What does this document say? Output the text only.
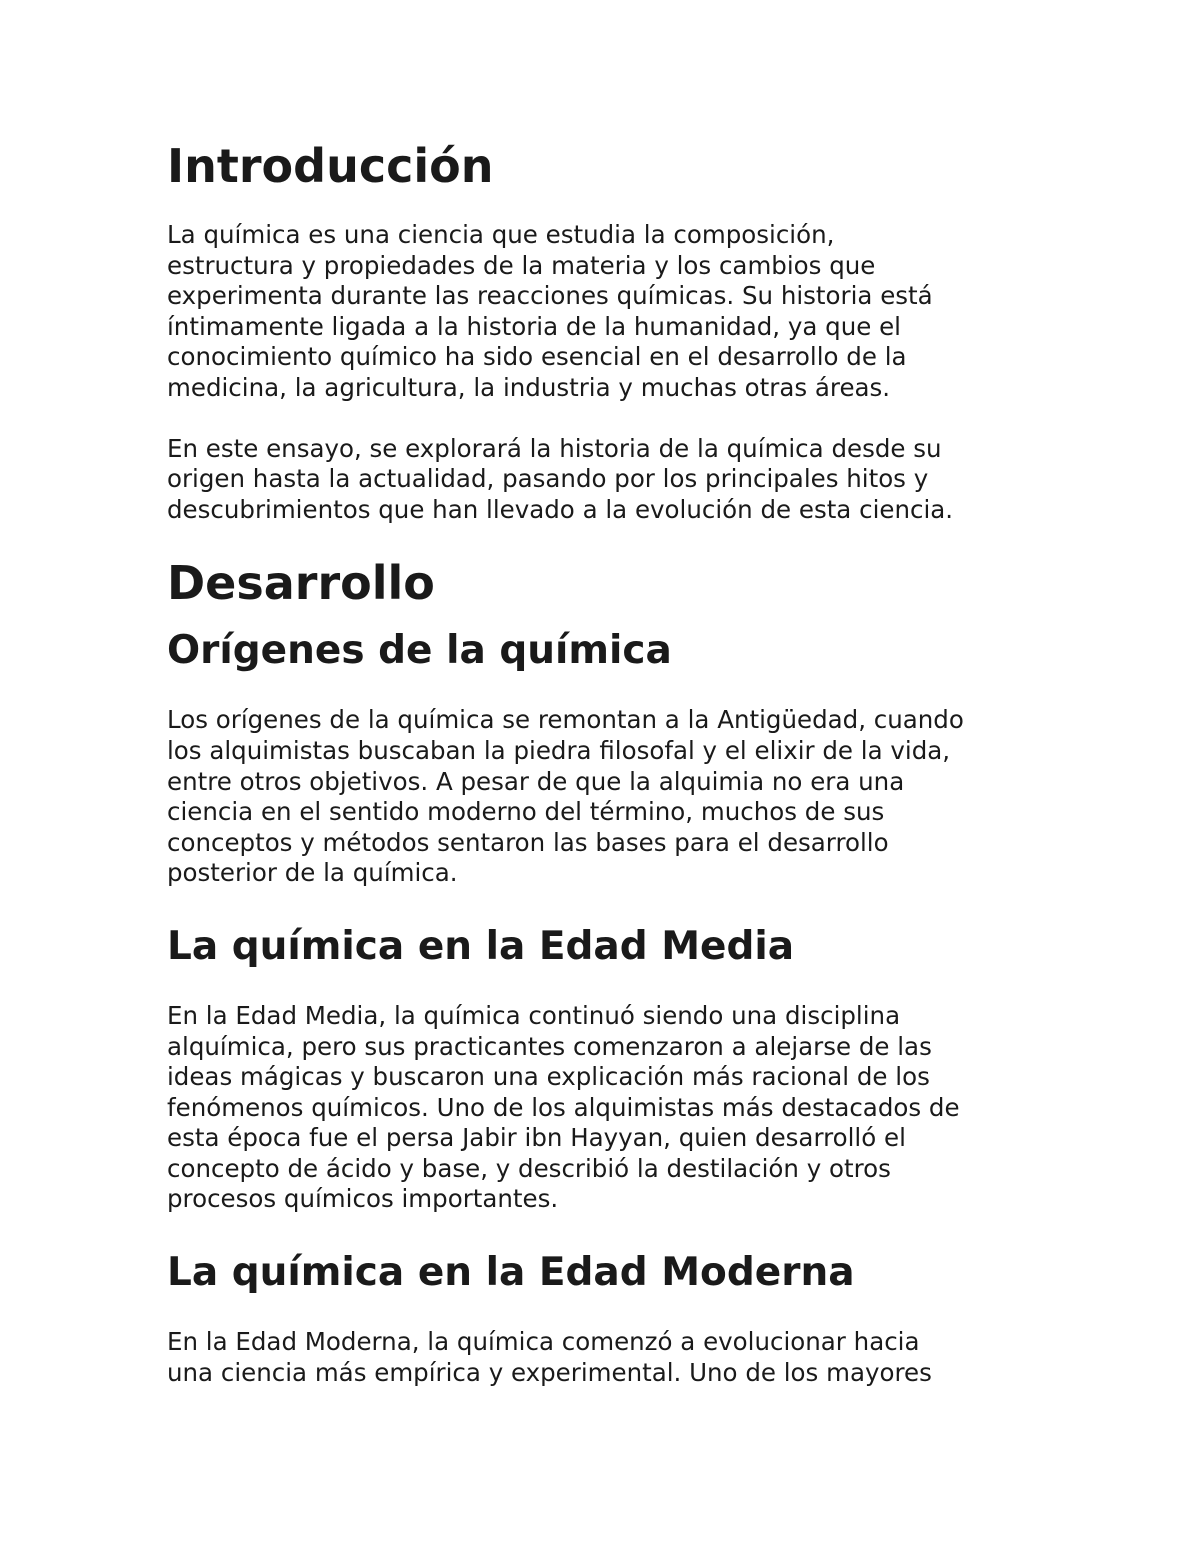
Introducción
La química es una ciencia que estudia la composición,
estructura y propiedades de la materia y los cambios que
experimenta durante las reacciones químicas. Su historia está
íntimamente ligada a la historia de la humanidad, ya que el
conocimiento químico ha sido esencial en el desarrollo de la
medicina, la agricultura, la industria y muchas otras áreas.
En este ensayo, se explorará la historia de la química desde su
origen hasta la actualidad, pasando por los principales hitos y
descubrimientos que han llevado a la evolución de esta ciencia.
Desarrollo
Orígenes de la química
Los orígenes de la química se remontan a la Antigüedad, cuando
los alquimistas buscaban la piedra filosofal y el elixir de la vida,
entre otros objetivos. A pesar de que la alquimia no era una
ciencia en el sentido moderno del término, muchos de sus
conceptos y métodos sentaron las bases para el desarrollo
posterior de la química.
La química en la Edad Media
En la Edad Media, la química continuó siendo una disciplina
alquímica, pero sus practicantes comenzaron a alejarse de las
ideas mágicas y buscaron una explicación más racional de los
fenómenos químicos. Uno de los alquimistas más destacados de
esta época fue el persa Jabir ibn Hayyan, quien desarrolló el
concepto de ácido y base, y describió la destilación y otros
procesos químicos importantes.
La química en la Edad Moderna
En la Edad Moderna, la química comenzó a evolucionar hacia
una ciencia más empírica y experimental. Uno de los mayores
